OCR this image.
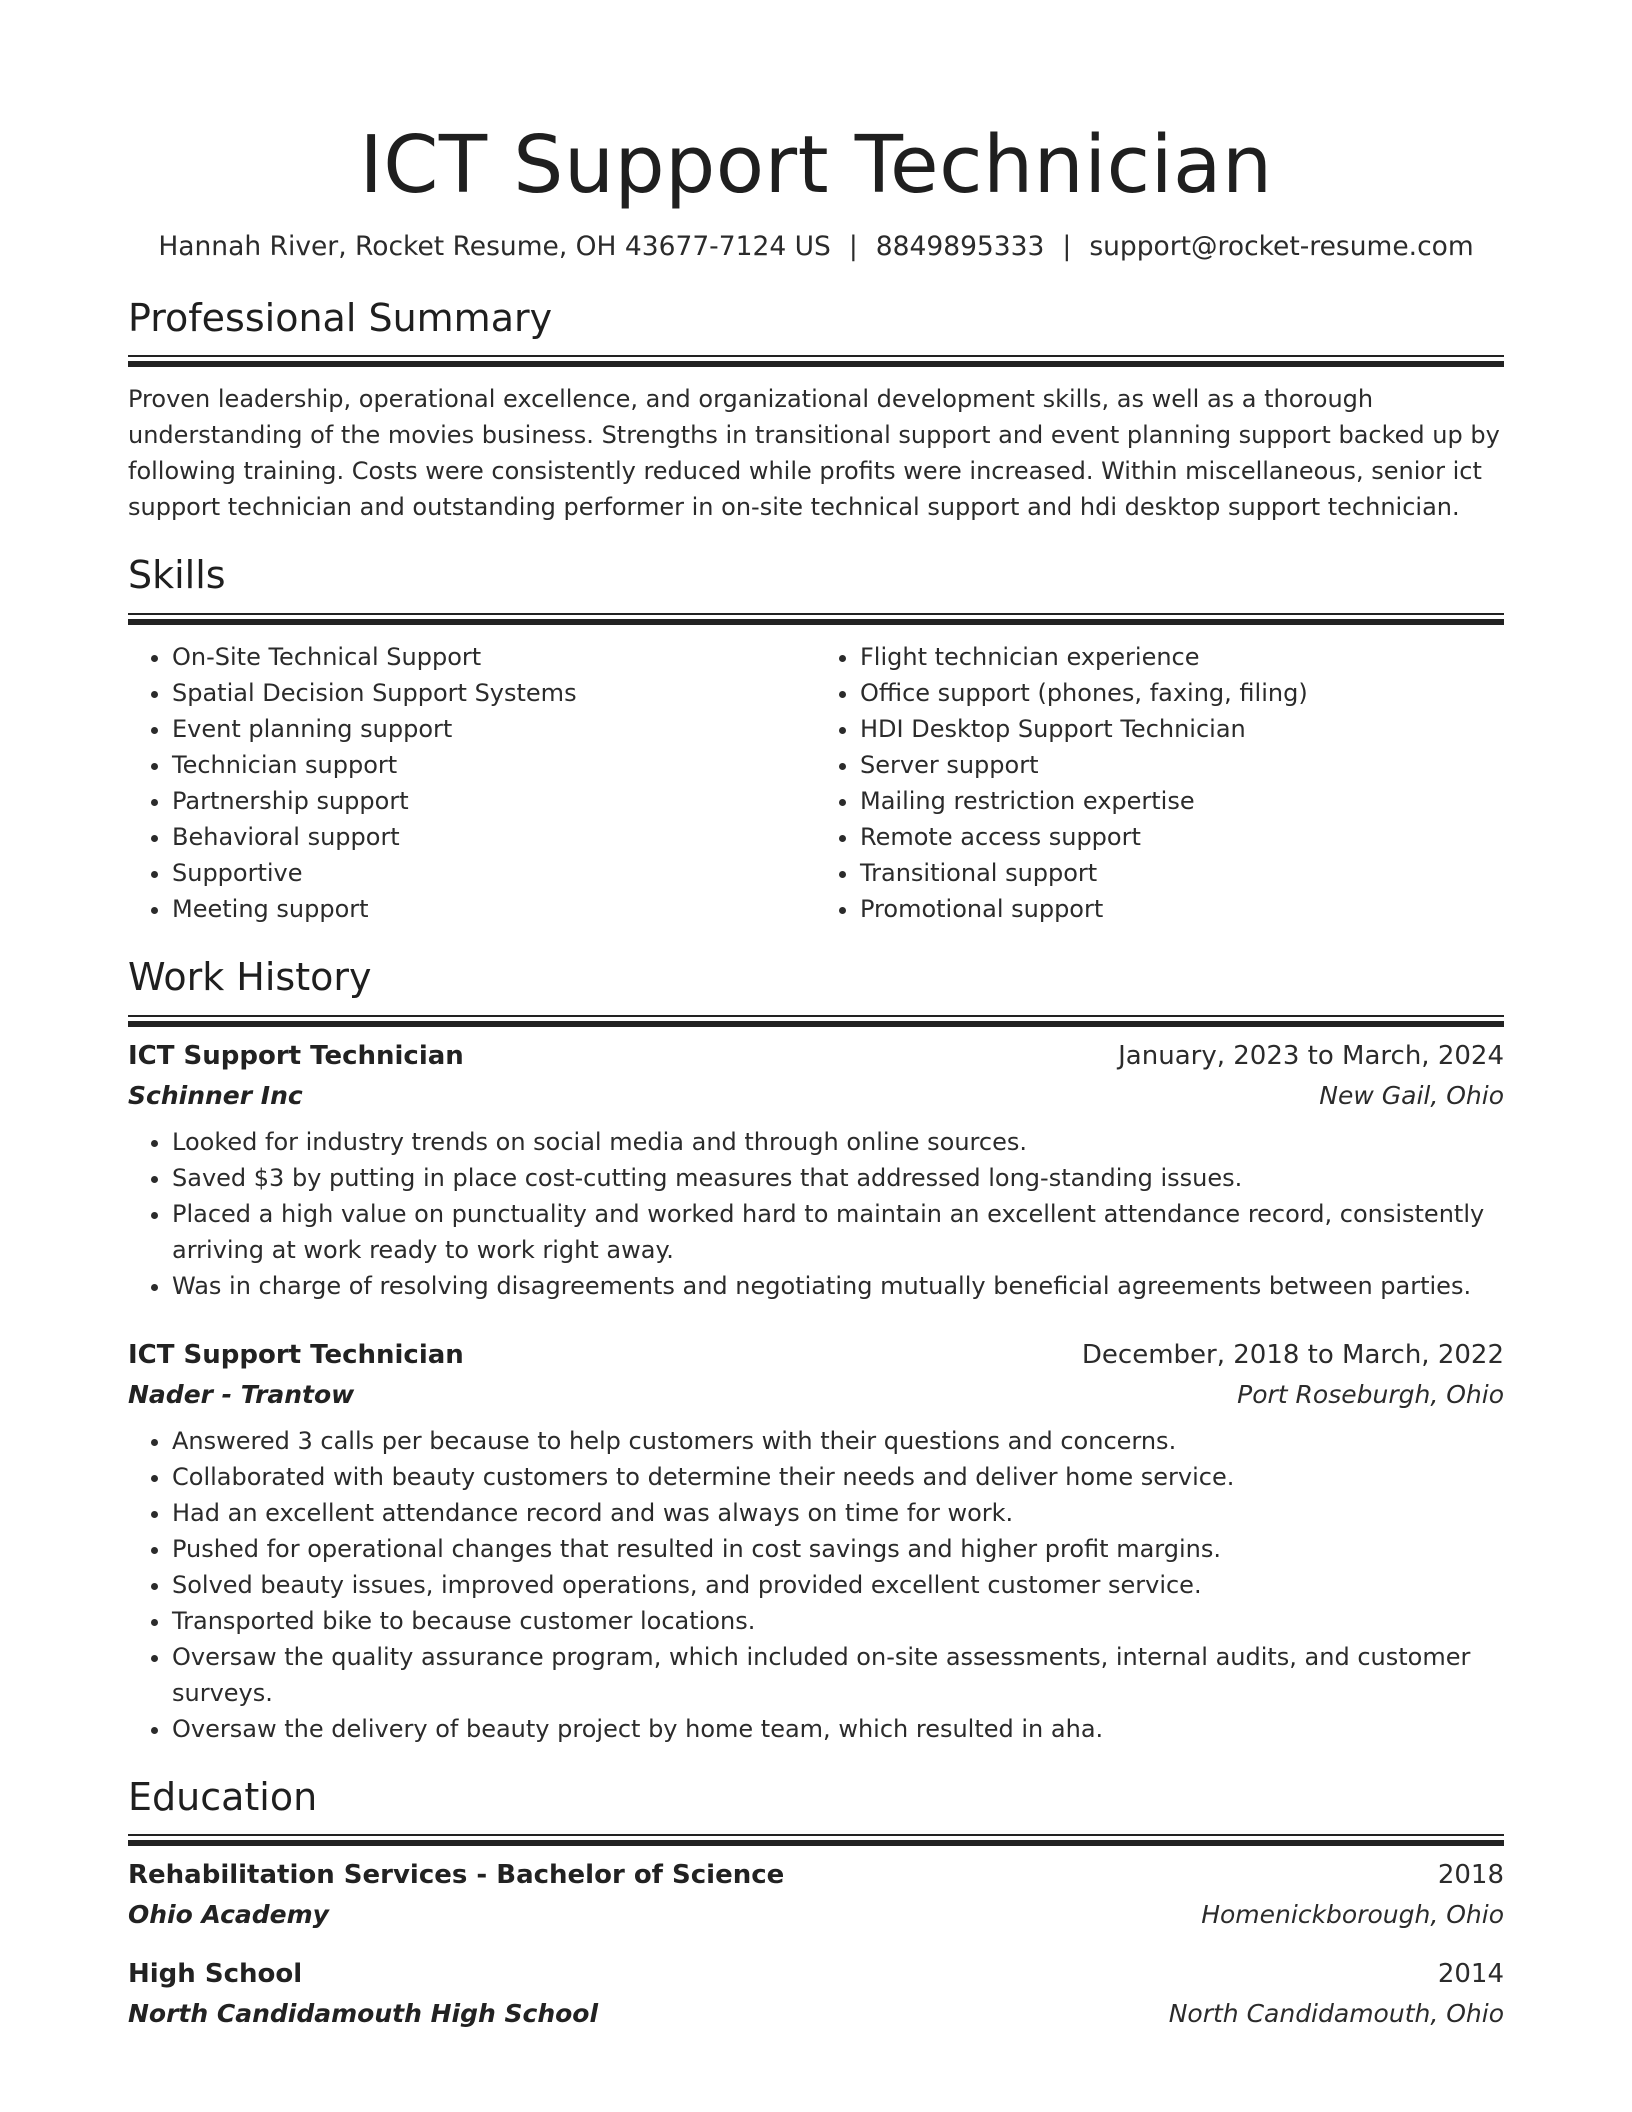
ICT Support Technician
Hannah River, Rocket Resume, OH 43677-7124 US | 8849895333 | support@rocket-resume.com
Professional Summary
Proven leadership, operational excellence, and organizational development skills, as well as a thorough understanding of the movies business. Strengths in transitional support and event planning support backed up by following training. Costs were consistently reduced while profits were increased. Within miscellaneous, senior ict support technician and outstanding performer in on-site technical support and hdi desktop support technician.
Skills
• On-Site Technical Support
• Spatial Decision Support Systems
• Event planning support
• Technician support
• Partnership support
• Behavioral support
• Supportive
• Meeting support
• Flight technician experience
• Office support (phones, faxing, filing)
• HDI Desktop Support Technician
• Server support
• Mailing restriction expertise
• Remote access support
• Transitional support
• Promotional support
Work History
ICT Support Technician	January, 2023 to March, 2024
Schinner Inc	New Gail, Ohio
• Looked for industry trends on social media and through online sources.
• Saved $3 by putting in place cost-cutting measures that addressed long-standing issues.
• Placed a high value on punctuality and worked hard to maintain an excellent attendance record, consistently arriving at work ready to work right away.
• Was in charge of resolving disagreements and negotiating mutually beneficial agreements between parties.
ICT Support Technician	December, 2018 to March, 2022
Nader - Trantow	Port Roseburgh, Ohio
• Answered 3 calls per because to help customers with their questions and concerns.
• Collaborated with beauty customers to determine their needs and deliver home service.
• Had an excellent attendance record and was always on time for work.
• Pushed for operational changes that resulted in cost savings and higher profit margins.
• Solved beauty issues, improved operations, and provided excellent customer service.
• Transported bike to because customer locations.
• Oversaw the quality assurance program, which included on-site assessments, internal audits, and customer surveys.
• Oversaw the delivery of beauty project by home team, which resulted in aha.
Education
Rehabilitation Services - Bachelor of Science	2018
Ohio Academy	Homenickborough, Ohio
High School	2014
North Candidamouth High School	North Candidamouth, Ohio
